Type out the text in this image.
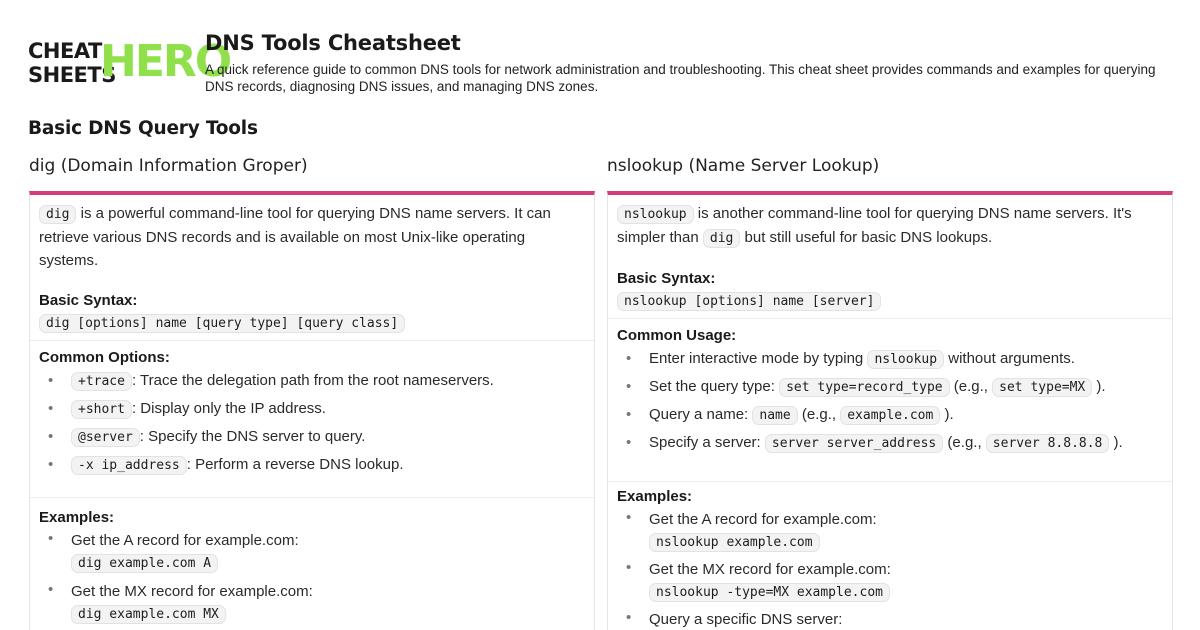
CHEAT
SHEETS
HERO
DNS Tools Cheatsheet
A quick reference guide to common DNS tools for network administration and troubleshooting. This cheat sheet provides commands and examples for querying DNS records, diagnosing DNS issues, and managing DNS zones.
Basic DNS Query Tools
dig (Domain Information Groper)	nslookup (Name Server Lookup)

dig is a powerful command-line tool for querying DNS name servers. It can retrieve various DNS records and is available on most Unix-like operating systems.

Basic Syntax:
dig [options] name [query type] [query class]
Common Options:
• +trace : Trace the delegation path from the root nameservers.
• +short : Display only the IP address.
• @server : Specify the DNS server to query.
• -x ip_address : Perform a reverse DNS lookup.
Examples:
• Get the A record for example.com:
dig example.com A
• Get the MX record for example.com:
dig example.com MX

nslookup is another command-line tool for querying DNS name servers. It's simpler than dig but still useful for basic DNS lookups.

Basic Syntax:
nslookup [options] name [server]
Common Usage:
• Enter interactive mode by typing nslookup without arguments.
• Set the query type: set type=record_type (e.g., set type=MX ).
• Query a name: name (e.g., example.com ).
• Specify a server: server server_address (e.g., server 8.8.8.8 ).
Examples:
• Get the A record for example.com:
nslookup example.com
• Get the MX record for example.com:
nslookup -type=MX example.com
• Query a specific DNS server:
